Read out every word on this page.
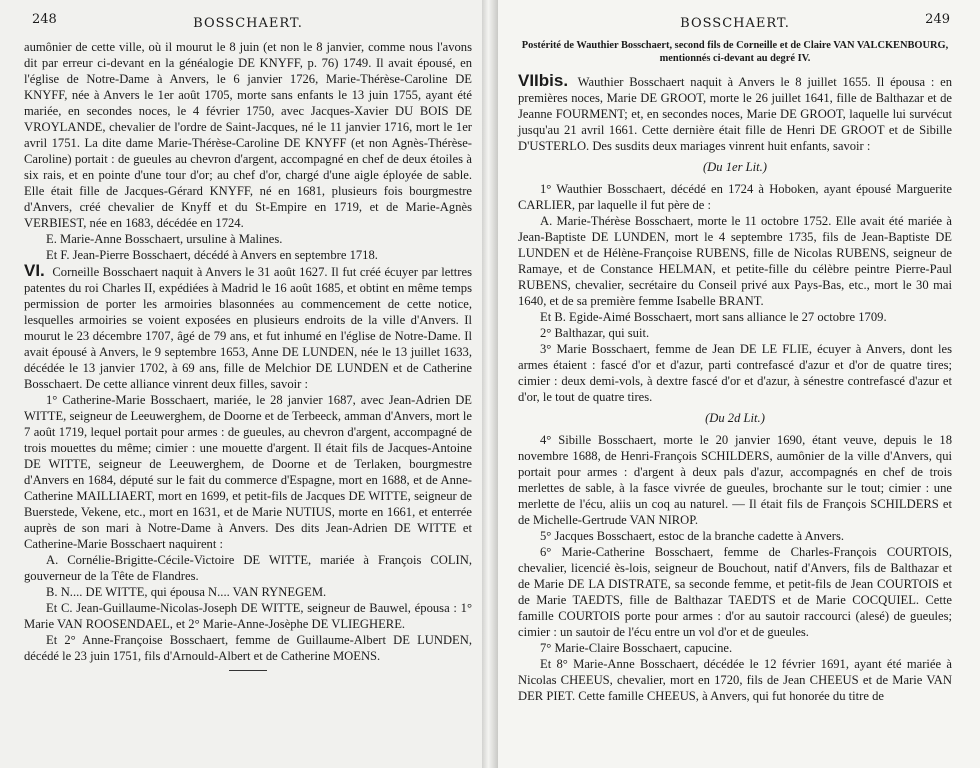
248	BOSSCHAERT.

aumônier de cette ville, où il mourut le 8 juin (et non le 8 janvier, comme nous l'avons dit par erreur ci-devant en la généalogie DE KNYFF, p. 76) 1749. Il avait épousé, en l'église de Notre-Dame à Anvers, le 6 janvier 1726, Marie-Thérèse-Caroline DE KNYFF, née à Anvers le 1er août 1705, morte sans enfants le 13 juin 1755, ayant été mariée, en secondes noces, le 4 février 1750, avec Jacques-Xavier DU BOIS DE VROYLANDE, chevalier de l'ordre de Saint-Jacques, né le 11 janvier 1716, mort le 1er avril 1751. La dite dame Marie-Thérèse-Caroline DE KNYFF (et non Agnès-Thérèse-Caroline) portait : de gueules au chevron d'argent, accompagné en chef de deux étoiles à six rais, et en pointe d'une tour d'or; au chef d'or, chargé d'une aigle éployée de sable. Elle était fille de Jacques-Gérard KNYFF, né en 1681, plusieurs fois bourgmestre d'Anvers, créé chevalier de Knyff et du St-Empire en 1719, et de Marie-Agnès VERBIEST, née en 1683, décédée en 1724.

E. Marie-Anne Bosschaert, ursuline à Malines.

Et F. Jean-Pierre Bosschaert, décédé à Anvers en septembre 1718.

VI. Corneille Bosschaert naquit à Anvers le 31 août 1627. Il fut créé écuyer par lettres patentes du roi Charles II, expédiées à Madrid le 16 août 1685, et obtint en même temps permission de porter les armoiries blasonnées au commencement de cette notice, lesquelles armoiries se voient exposées en plusieurs endroits de la ville d'Anvers. Il mourut le 23 décembre 1707, âgé de 79 ans, et fut inhumé en l'église de Notre-Dame. Il avait épousé à Anvers, le 9 septembre 1653, Anne DE LUNDEN, née le 13 juillet 1633, décédée le 13 janvier 1702, à 69 ans, fille de Melchior DE LUNDEN et de Catherine Bosschaert. De cette alliance vinrent deux filles, savoir :

1° Catherine-Marie Bosschaert, mariée, le 28 janvier 1687, avec Jean-Adrien DE WITTE, seigneur de Leeuwerghem, de Doorne et de Terbeeck, amman d'Anvers, mort le 7 août 1719, lequel portait pour armes : de gueules, au chevron d'argent, accompagné de trois mouettes du même; cimier : une mouette d'argent. Il était fils de Jacques-Antoine DE WITTE, seigneur de Leeuwerghem, de Doorne et de Terlaken, bourgmestre d'Anvers en 1684, député sur le fait du commerce d'Espagne, mort en 1688, et de Anne-Catherine MAILLIAERT, mort en 1699, et petit-fils de Jacques DE WITTE, seigneur de Buerstede, Vekene, etc., mort en 1631, et de Marie NUTIUS, morte en 1661, et enterrée auprès de son mari à Notre-Dame à Anvers. Des dits Jean-Adrien DE WITTE et Catherine-Marie Bosschaert naquirent :

A. Cornélie-Brigitte-Cécile-Victoire DE WITTE, mariée à François COLIN, gouverneur de la Tête de Flandres.

B. N.... DE WITTE, qui épousa N.... VAN RYNEGEM.

Et C. Jean-Guillaume-Nicolas-Joseph DE WITTE, seigneur de Bauwel, épousa : 1° Marie VAN ROOSENDAEL, et 2° Marie-Anne-Josèphe DE VLIEGHERE.

Et 2° Anne-Françoise Bosschaert, femme de Guillaume-Albert DE LUNDEN, décédé le 23 juin 1751, fils d'Arnould-Albert et de Catherine MOENS.

249
BOSSCHAERT.
Postérité de Wauthier Bosschaert, second fils de Corneille et de Claire VAN VALCKENBOURG, mentionnés ci-devant au degré IV.

VIIbis. Wauthier Bosschaert naquit à Anvers le 8 juillet 1655. Il épousa : en premières noces, Marie DE GROOT, morte le 26 juillet 1641, fille de Balthazar et de Jeanne FOURMENT; et, en secondes noces, Marie DE GROOT, laquelle lui survécut jusqu'au 21 avril 1661. Cette dernière était fille de Henri DE GROOT et de Sibille D'USTERLO. Des susdits deux mariages vinrent huit enfants, savoir :

(Du 1er Lit.)

1° Wauthier Bosschaert, décédé en 1724 à Hoboken, ayant épousé Marguerite CARLIER, par laquelle il fut père de :

A. Marie-Thérèse Bosschaert, morte le 11 octobre 1752. Elle avait été mariée à Jean-Baptiste DE LUNDEN, mort le 4 septembre 1735, fils de Jean-Baptiste DE LUNDEN et de Hélène-Françoise RUBENS, fille de Nicolas RUBENS, seigneur de Ramaye, et de Constance HELMAN, et petite-fille du célèbre peintre Pierre-Paul RUBENS, chevalier, secrétaire du Conseil privé aux Pays-Bas, etc., mort le 30 mai 1640, et de sa première femme Isabelle BRANT.

Et B. Egide-Aimé Bosschaert, mort sans alliance le 27 octobre 1709.

2° Balthazar, qui suit.

3° Marie Bosschaert, femme de Jean DE LE FLIE, écuyer à Anvers, dont les armes étaient : fascé d'or et d'azur, parti contrefascé d'azur et d'or de quatre tires; cimier : deux demi-vols, à dextre fascé d'or et d'azur, à sénestre contrefascé d'azur et d'or, le tout de quatre tires.

(Du 2d Lit.)

4° Sibille Bosschaert, morte le 20 janvier 1690, étant veuve, depuis le 18 novembre 1688, de Henri-François SCHILDERS, aumônier de la ville d'Anvers, qui portait pour armes : d'argent à deux pals d'azur, accompagnés en chef de trois merlettes de sable, à la fasce vivrée de gueules, brochante sur le tout; cimier : une merlette de l'écu, aliis un coq au naturel. — Il était fils de François SCHILDERS et de Michelle-Gertrude VAN NIROP.

5° Jacques Bosschaert, estoc de la branche cadette à Anvers.

6° Marie-Catherine Bosschaert, femme de Charles-François COURTOIS, chevalier, licencié ès-lois, seigneur de Bouchout, natif d'Anvers, fils de Balthazar et de Marie DE LA DISTRATE, sa seconde femme, et petit-fils de Jean COURTOIS et de Marie TAEDTS, fille de Balthazar TAEDTS et de Marie COCQUIEL. Cette famille COURTOIS porte pour armes : d'or au sautoir raccourci (alesé) de gueules; cimier : un sautoir de l'écu entre un vol d'or et de gueules.

7° Marie-Claire Bosschaert, capucine.

Et 8° Marie-Anne Bosschaert, décédée le 12 février 1691, ayant été mariée à Nicolas CHEEUS, chevalier, mort en 1720, fils de Jean CHEEUS et de Marie VAN DER PIET. Cette famille CHEEUS, à Anvers, qui fut honorée du titre de
